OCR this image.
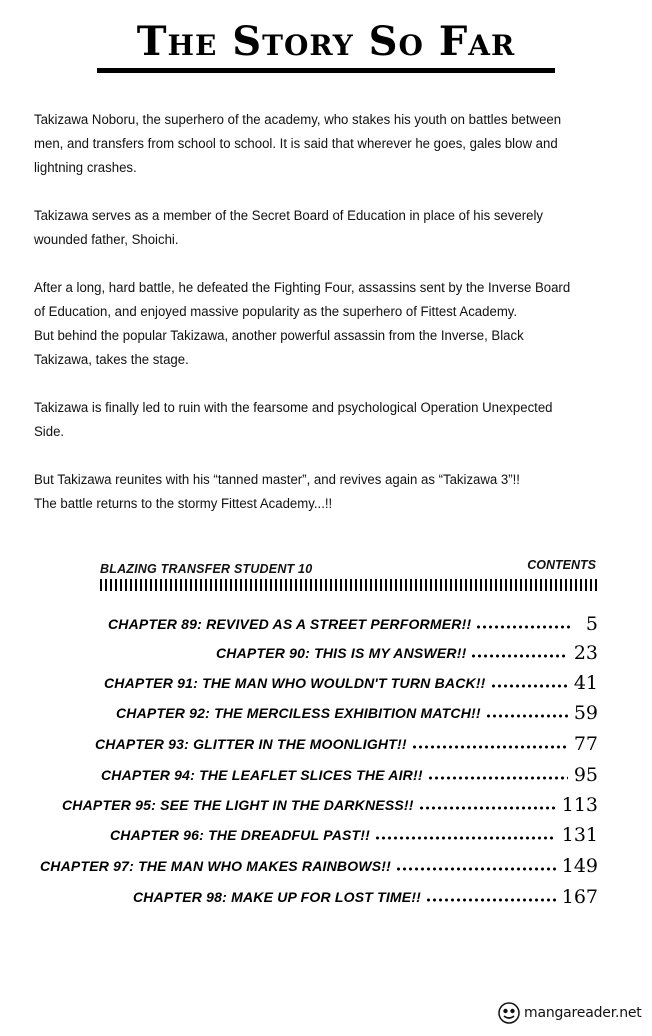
The Story So Far

Takizawa Noboru, the superhero of the academy, who stakes his youth on battles between men, and transfers from school to school. It is said that wherever he goes, gales blow and lightning crashes.

Takizawa serves as a member of the Secret Board of Education in place of his severely wounded father, Shoichi.

After a long, hard battle, he defeated the Fighting Four, assassins sent by the Inverse Board of Education, and enjoyed massive popularity as the superhero of Fittest Academy.

But behind the popular Takizawa, another powerful assassin from the Inverse, Black Takizawa, takes the stage.

Takizawa is finally led to ruin with the fearsome and psychological Operation Unexpected Side.

But Takizawa reunites with his “tanned master”, and revives again as “Takizawa 3”!!

The battle returns to the stormy Fittest Academy...!!

BLAZING TRANSFER STUDENT 10	CONTENTS
CHAPTER 89: REVIVED AS A STREET PERFORMER!!	5
CHAPTER 90: THIS IS MY ANSWER!!	23
CHAPTER 91: THE MAN WHO WOULDN'T TURN BACK!!	41
CHAPTER 92: THE MERCILESS EXHIBITION MATCH!!	59
CHAPTER 93: GLITTER IN THE MOONLIGHT!!	77
CHAPTER 94: THE LEAFLET SLICES THE AIR!!	95
CHAPTER 95: SEE THE LIGHT IN THE DARKNESS!!	113
CHAPTER 96: THE DREADFUL PAST!!	131
CHAPTER 97: THE MAN WHO MAKES RAINBOWS!!	149
CHAPTER 98: MAKE UP FOR LOST TIME!!	167
mangareader.net
